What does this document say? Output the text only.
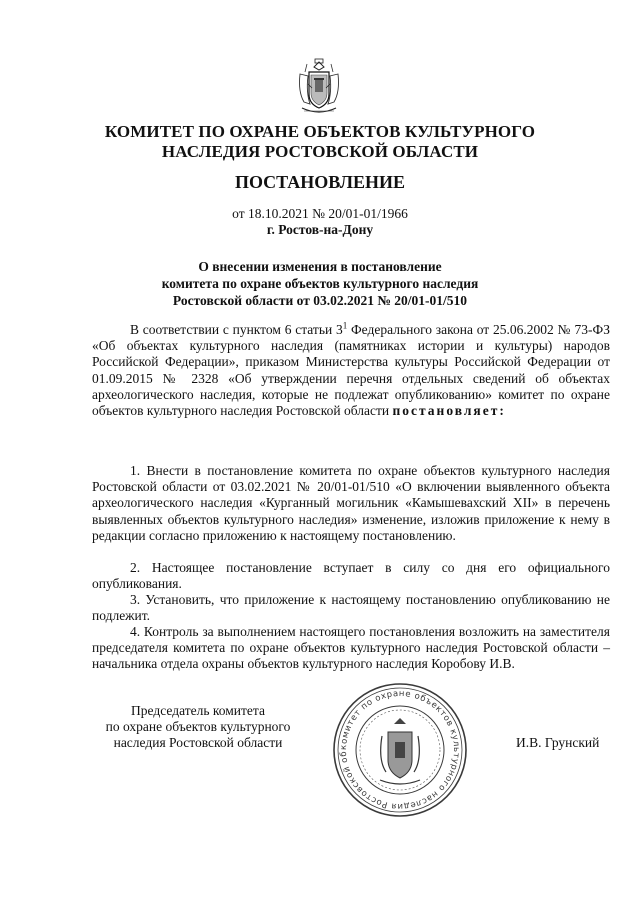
КОМИТЕТ ПО ОХРАНЕ ОБЪЕКТОВ КУЛЬТУРНОГО
НАСЛЕДИЯ РОСТОВСКОЙ ОБЛАСТИ
ПОСТАНОВЛЕНИЕ
от 18.10.2021 № 20/01-01/1966
г. Ростов-на-Дону
О внесении изменения в постановление
комитета по охране объектов культурного наследия
Ростовской области от 03.02.2021 № 20/01-01/510

В соответствии с пунктом 6 статьи $3^1$ Федерального закона от 25.06.2002 № 73-ФЗ «Об объектах культурного наследия (памятниках истории и культуры) народов Российской Федерации», приказом Министерства культуры Российской Федерации от 01.09.2015 № 2328 «Об утверждении перечня отдельных сведений об объектах археологического наследия, которые не подлежат опубликованию» комитет по охране объектов культурного наследия Ростовской области постановляет:

1. Внести в постановление комитета по охране объектов культурного наследия Ростовской области от 03.02.2021 № 20/01-01/510 «О включении выявленного объекта археологического наследия «Курганный могильник «Камышевахский XII» в перечень выявленных объектов культурного наследия» изменение, изложив приложение к нему в редакции согласно приложению к настоящему постановлению.

2. Настоящее постановление вступает в силу со дня его официального опубликования.

3. Установить, что приложение к настоящему постановлению опубликованию не подлежит.

4. Контроль за выполнением настоящего постановления возложить на заместителя председателя комитета по охране объектов культурного наследия Ростовской области – начальника отдела охраны объектов культурного наследия Коробову И.В.

комитет по охране объектов культурного наследия Ростовской об
Председатель комитета
по охране объектов культурного
наследия Ростовской области	И.В. Грунский
